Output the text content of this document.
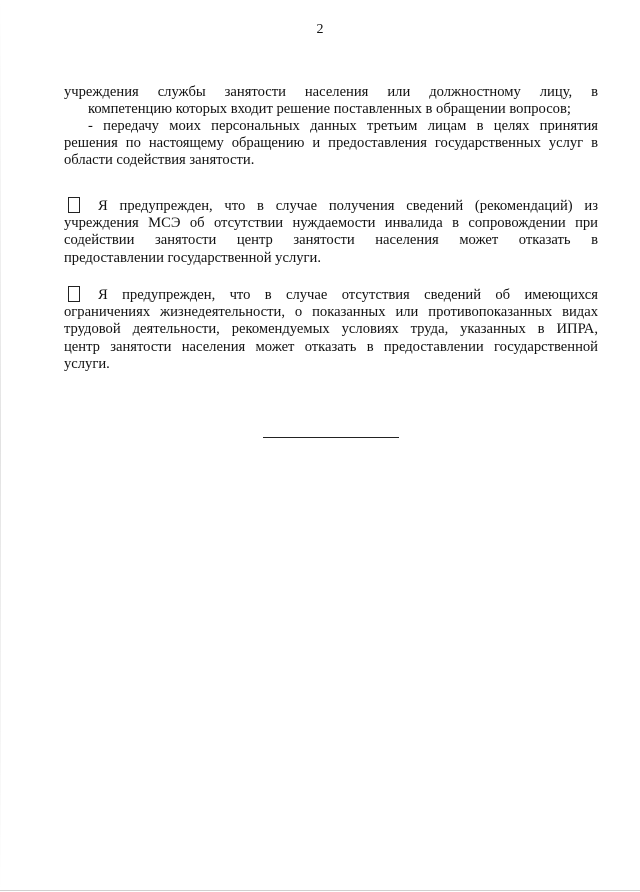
2
учреждения службы занятости населения или должностному лицу, в
компетенцию которых входит решение поставленных в обращении вопросов;
- передачу моих персональных данных третьим лицам в целях принятия
решения по настоящему обращению и предоставления государственных услуг в
области содействия занятости.
Я предупрежден, что в случае получения сведений (рекомендаций) из
учреждения МСЭ об отсутствии нуждаемости инвалида в сопровождении при
содействии занятости центр занятости населения может отказать в
предоставлении государственной услуги.
Я предупрежден, что в случае отсутствия сведений об имеющихся
ограничениях жизнедеятельности, о показанных или противопоказанных видах
трудовой деятельности, рекомендуемых условиях труда, указанных в ИПРА,
центр занятости населения может отказать в предоставлении государственной
услуги.
